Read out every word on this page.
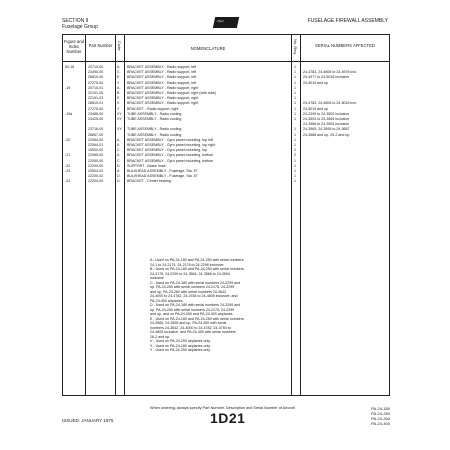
SECTION II
Fuselage Group
Piper	FUSELAGE FIREWALL ASSEMBLY
Figure and Index Number
Part Number	Code	NOMENCLATURE	No. Req.	SERIAL NUMBERS AFFECTED
50-18	20710-00	A BRACKET ASSEMBLY - Radio support, left	1
23490-00	C BRACKET ASSEMBLY - Radio support, left	1 24-4783, 24-4806 to 24-4978 incl.
26810-00	E BRACKET ASSEMBLY - Radio support, left	1 24-4977 to 24-5018 inclusive
27275-00	Y BRACKET ASSEMBLY - Radio support, left	1 24-5019 and up
-19	20710-01	A BRACKET ASSEMBLY - Radio support, right	1
22191-00	B BRACKET ASSEMBLY - Radio support, right (with tube)	1
22191-03	E BRACKET ASSEMBLY - Radio support, right	1
26810-01	X BRACKET ASSEMBLY - Radio support, right	1 24-4783, 24-4806 to 24-5018 incl.
27275-00	Y BRACKET - Radio support, right	1 24-5019 and up
-19a	23486-00	XY TUBE ASSEMBLY - Radio cooling	1 24-2299 to 24-3502 inclusive
23425-00	XY TUBE ASSEMBLY - Radio cooling	1 24-3503 to 24-3564 inclusive
24-3566 to 24-3594 inclusive
23716-00	XY TUBE ASSEMBLY - Radio cooling	1 24-3565, 24-3595 to 24-3687
26657-00	TUBE ASSEMBLY - Radio cooling	1 24-3688 and up, 25-2 and up
-20	22064-00	A BRACKET ASSEMBLY - Gyro panel mounting, top left	1
22064-01	A BRACKET ASSEMBLY - Gyro panel mounting, top right	1
19530-00	C BRACKET ASSEMBLY - Gyro panel mounting, top	2
-21	22065-00	A BRACKET ASSEMBLY - Gyro panel mounting, bottom	2
22050-00	C BRACKET ASSEMBLY - Gyro panel mounting, bottom	1
-22	22200-00	D SUPPORT - Brake hose	1
-23	20504-02	A BULKHEAD ASSEMBLY - Fuselage, Sta. 57	1
22200-02	D BULKHEAD ASSEMBLY - Fuselage, Sta. 57	1
-24	22204-00	D BRACKET - Center bearing	1
A - Used on PA-24-180 and PA-24-250 with serial numbers
24-1 to 24-2174, 24-2176 to 24-2298 inclusive.
B - Used on PA-24-180 and PA-24-250 with serial numbers
24-2175, 24-2299 to 24-3564, 24-3566 to 24-3594
inclusive.
C - Used on PA-24-180 with serial numbers 24-2299 and
up. PA-24-250 with serial numbers 24-2175, 24-2299
and up, PA-24-260 with serial numbers 24-3642,
24-4000 to 24-4782, 24-4784 to 24-4805 inclusive, and
PA-24-400 airplanes.
D - Used on PA-24-180 with serial numbers 24-2299 and
up. PA-24-250 with serial numbers 24-2175, 24-2299
and up, and on PA-24-260 and PA-24-400 airplanes.
E - Used on PA-24-180 and PA-24-250 with serial numbers
24-3565, 24-3595 and up. PA-24-260 with serial
numbers 24-3642, 24-4000 to 24-4782, 24-4784 to
24-4805 inclusive, and PA-24-400 with serial numbers
26-2 and up.
V - Used on PA-24-250 airplanes only.
X - Used on PA-24-180 airplanes only.
Y - Used on PA-24-250 airplanes only.
When ordering, always specify Part Number, Description and Serial Number of Aircraft
ISSUED: JANUARY 1975	1D21
PA-24-180
PA-24-250
PA-24-260
PA-24-400
